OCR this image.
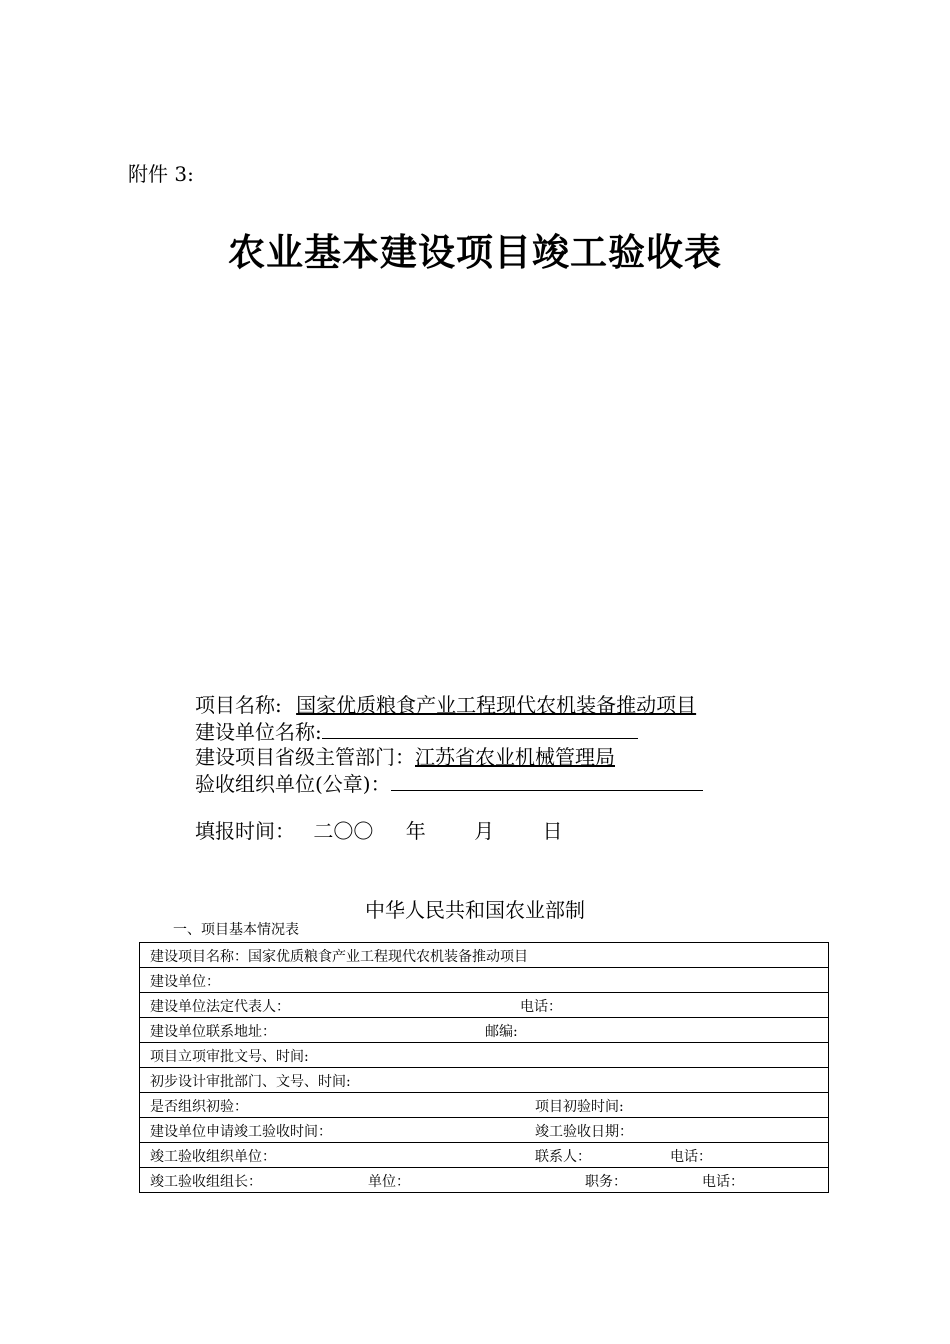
附件 3:
农业基本建设项目竣工验收表
项目名称: 国家优质粮食产业工程现代农机装备推动项目
建设单位名称:
建设项目省级主管部门：江苏省农业机械管理局
验收组织单位(公章)：
填报时间： 二〇〇 年 月 日
中华人民共和国农业部制
一、项目基本情况表
建设项目名称：国家优质粮食产业工程现代农机装备推动项目

建设单位：

建设单位法定代表人：	电话：

建设单位联系地址：	邮编:

项目立项审批文号、时间:

初步设计审批部门、文号、时间:

是否组织初验：	项目初验时间:

建设单位申请竣工验收时间：	竣工验收日期：

竣工验收组织单位：	联系人：	电话：

竣工验收组组长：	单位：	职务：	电话：
